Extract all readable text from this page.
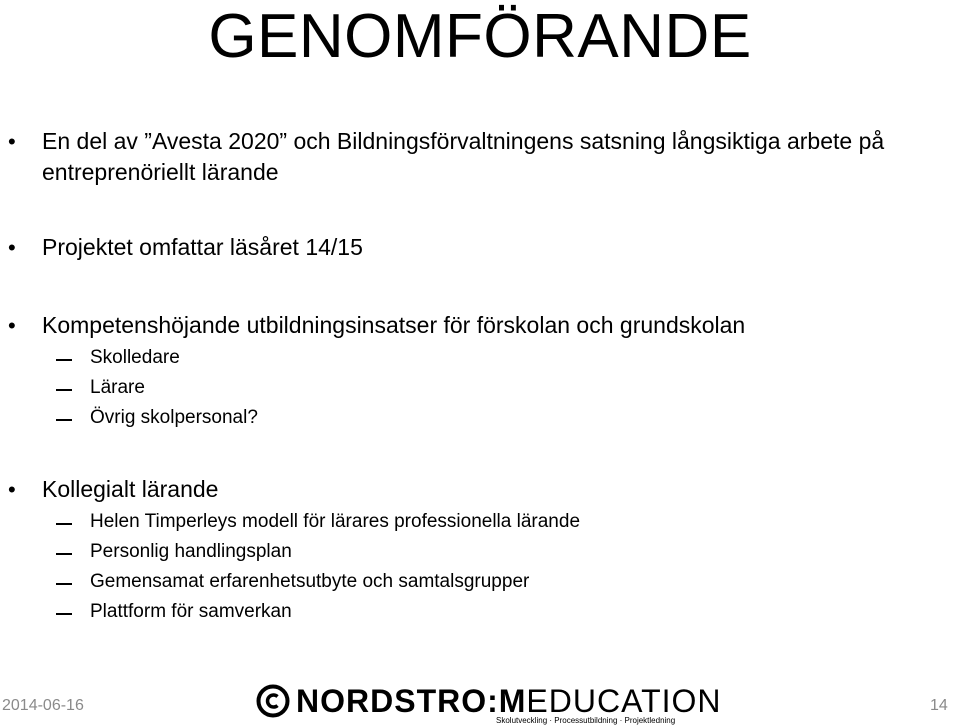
GENOMFÖRANDE
• En del av ”Avesta 2020” och Bildningsförvaltningens satsning långsiktiga arbete på entreprenöriellt lärande
• Projektet omfattar läsåret 14/15
• Kompetenshöjande utbildningsinsatser för förskolan och grundskolan
Skolledare
Lärare
Övrig skolpersonal?
• Kollegialt lärande
Helen Timperleys modell för lärares professionella lärande
Personlig handlingsplan
Gemensamat erfarenhetsutbyte och samtalsgrupper
Plattform för samverkan
2014-06-16	NORDSTRO:MEDUCATION
Skolutveckling · Processutbildning · Projektledning
14
